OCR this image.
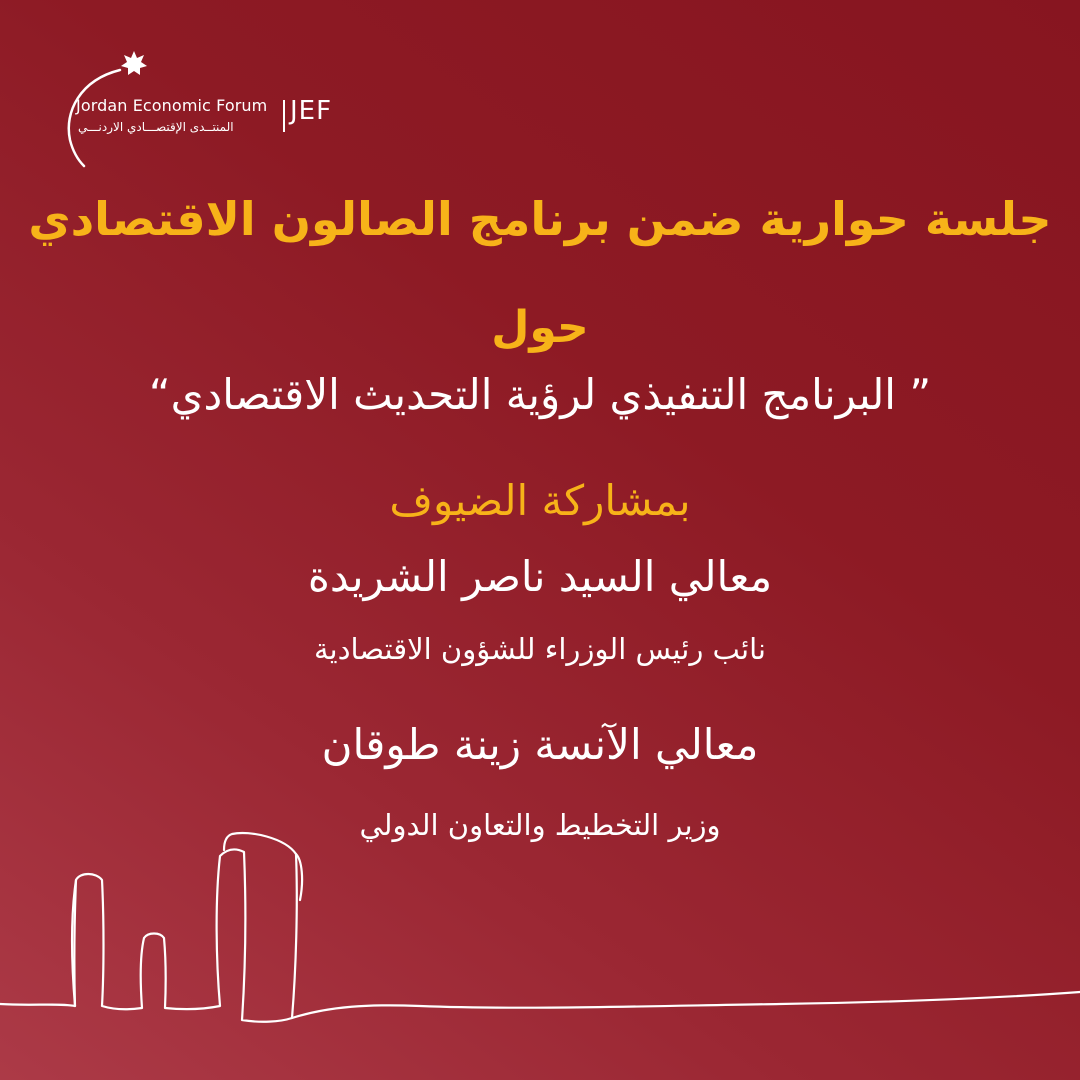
Jordan Economic Forum
المنتــدى الإقتصـــادي الاردنـــي
JEF
جلسة حوارية ضمن برنامج الصالون الاقتصادي
حول
” البرنامج التنفيذي لرؤية التحديث الاقتصادي“
بمشاركة الضيوف
معالي السيد ناصر الشريدة
نائب رئيس الوزراء للشؤون الاقتصادية
معالي الآنسة زينة طوقان
وزير التخطيط والتعاون الدولي
